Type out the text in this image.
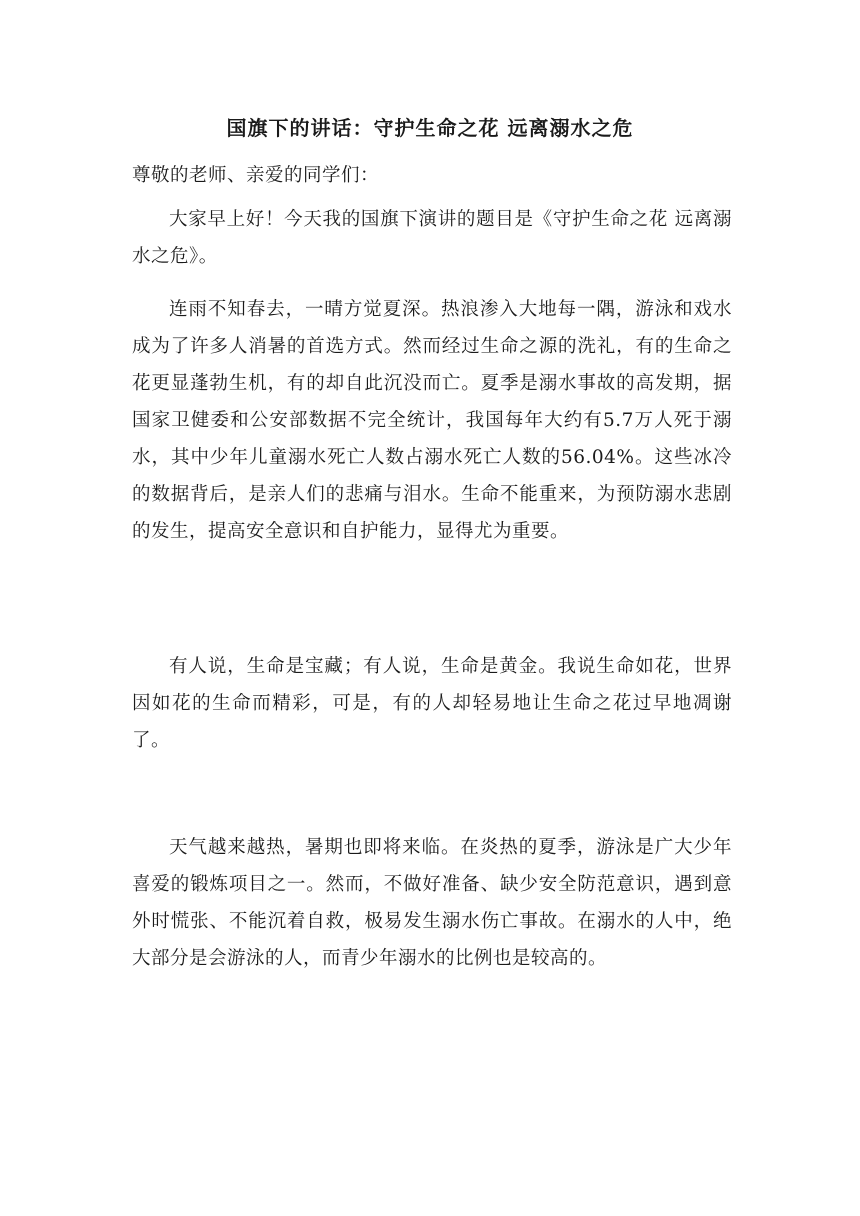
国旗下的讲话：守护生命之花 远离溺水之危

尊敬的老师、亲爱的同学们：

大家早上好！今天我的国旗下演讲的题目是《守护生命之花 远离溺水之危》。

连雨不知春去，一晴方觉夏深。热浪渗入大地每一隅，游泳和戏水成为了许多人消暑的首选方式。然而经过生命之源的洗礼，有的生命之花更显蓬勃生机，有的却自此沉没而亡。夏季是溺水事故的高发期，据国家卫健委和公安部数据不完全统计，我国每年大约有5.7万人死于溺水，其中少年儿童溺水死亡人数占溺水死亡人数的56.04%。这些冰冷的数据背后，是亲人们的悲痛与泪水。生命不能重来，为预防溺水悲剧的发生，提高安全意识和自护能力，显得尤为重要。

有人说，生命是宝藏；有人说，生命是黄金。我说生命如花，世界因如花的生命而精彩，可是，有的人却轻易地让生命之花过早地凋谢了。

天气越来越热，暑期也即将来临。在炎热的夏季，游泳是广大少年喜爱的锻炼项目之一。然而，不做好准备、缺少安全防范意识，遇到意外时慌张、不能沉着自救，极易发生溺水伤亡事故。在溺水的人中，绝大部分是会游泳的人，而青少年溺水的比例也是较高的。
